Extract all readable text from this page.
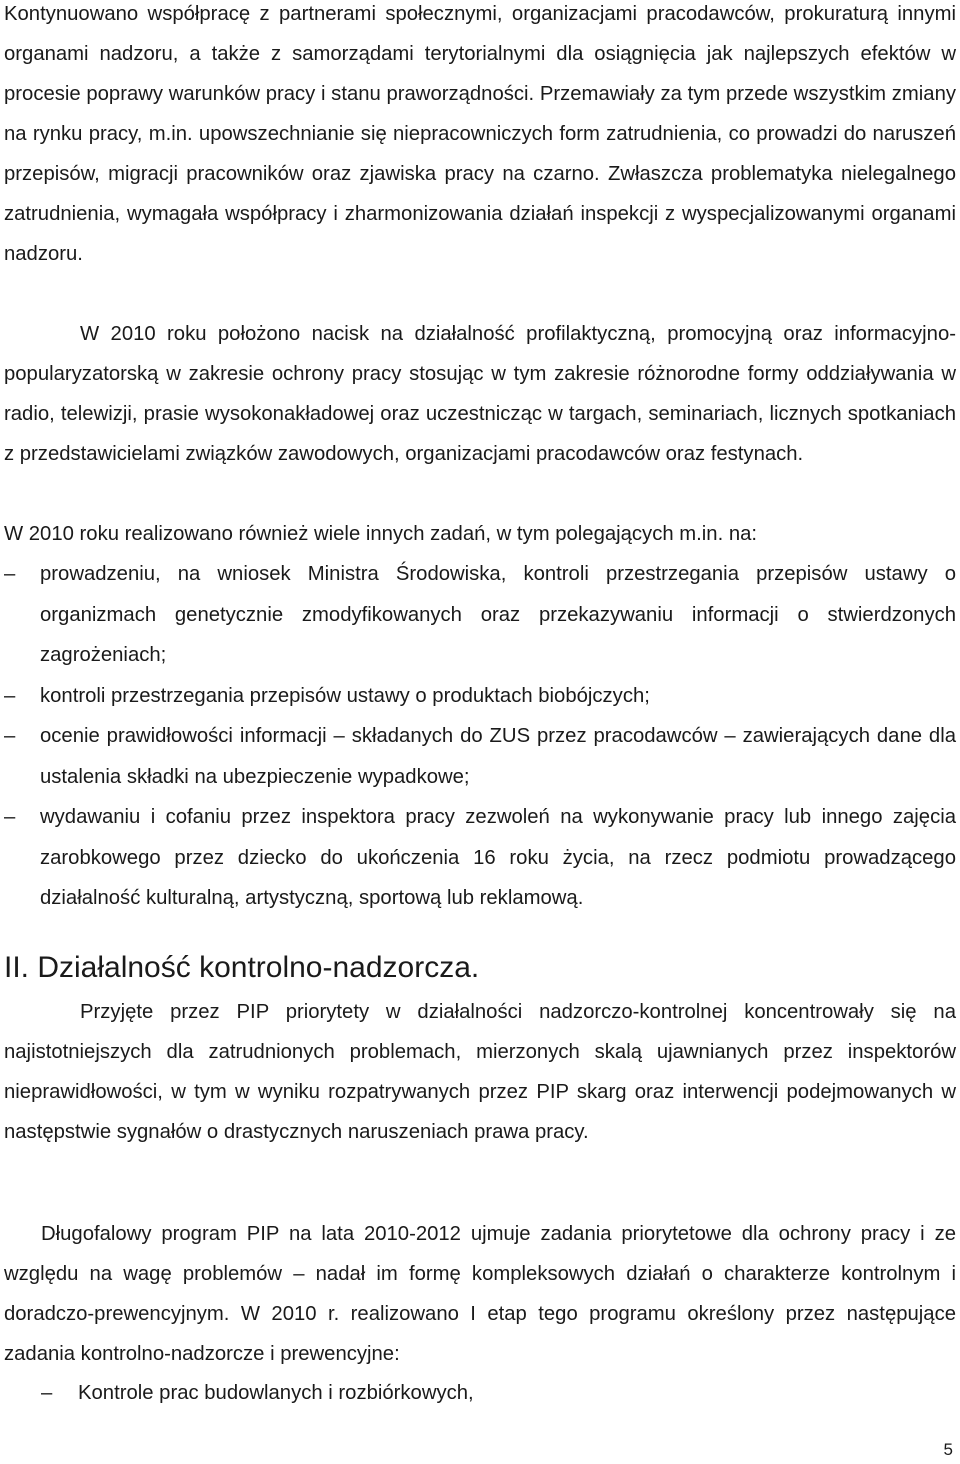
Kontynuowano współpracę z partnerami społecznymi, organizacjami pracodawców, prokuraturą innymi organami nadzoru, a także z samorządami terytorialnymi dla osiągnięcia jak najlepszych efektów w procesie poprawy warunków pracy i stanu praworządności. Przemawiały za tym przede wszystkim zmiany na rynku pracy, m.in. upowszechnianie się niepracowniczych form zatrudnienia, co prowadzi do naruszeń przepisów, migracji pracowników oraz zjawiska pracy na czarno. Zwłaszcza problematyka nielegalnego zatrudnienia, wymagała współpracy i zharmonizowania działań inspekcji z wyspecjalizowanymi organami nadzoru.

W 2010 roku położono nacisk na działalność profilaktyczną, promocyjną oraz informacyjno-popularyzatorską w zakresie ochrony pracy stosując w tym zakresie różnorodne formy oddziaływania w radio, telewizji, prasie wysokonakładowej oraz uczestnicząc w targach, seminariach, licznych spotkaniach z przedstawicielami związków zawodowych, organizacjami pracodawców oraz festynach.

W 2010 roku realizowano również wiele innych zadań, w tym polegających m.in. na:

–	prowadzeniu, na wniosek Ministra Środowiska, kontroli przestrzegania przepisów ustawy o organizmach genetycznie zmodyfikowanych oraz przekazywaniu informacji o stwierdzonych zagrożeniach;
–	kontroli przestrzegania przepisów ustawy o produktach biobójczych;
–	ocenie prawidłowości informacji – składanych do ZUS przez pracodawców – zawierających dane dla ustalenia składki na ubezpieczenie wypadkowe;
–	wydawaniu i cofaniu przez inspektora pracy zezwoleń na wykonywanie pracy lub innego zajęcia zarobkowego przez dziecko do ukończenia 16 roku życia, na rzecz podmiotu prowadzącego działalność kulturalną, artystyczną, sportową lub reklamową.
II. Działalność kontrolno-nadzorcza.

Przyjęte przez PIP priorytety w działalności nadzorczo-kontrolnej koncentrowały się na najistotniejszych dla zatrudnionych problemach, mierzonych skalą ujawnianych przez inspektorów nieprawidłowości, w tym w wyniku rozpatrywanych przez PIP skarg oraz interwencji podejmowanych w następstwie sygnałów o drastycznych naruszeniach prawa pracy.

Długofalowy program PIP na lata 2010-2012 ujmuje zadania priorytetowe dla ochrony pracy i ze względu na wagę problemów – nadał im formę kompleksowych działań o charakterze kontrolnym i doradczo-prewencyjnym. W 2010 r. realizowano I etap tego programu określony przez następujące zadania kontrolno-nadzorcze i prewencyjne:

–	Kontrole prac budowlanych i rozbiórkowych,
5
